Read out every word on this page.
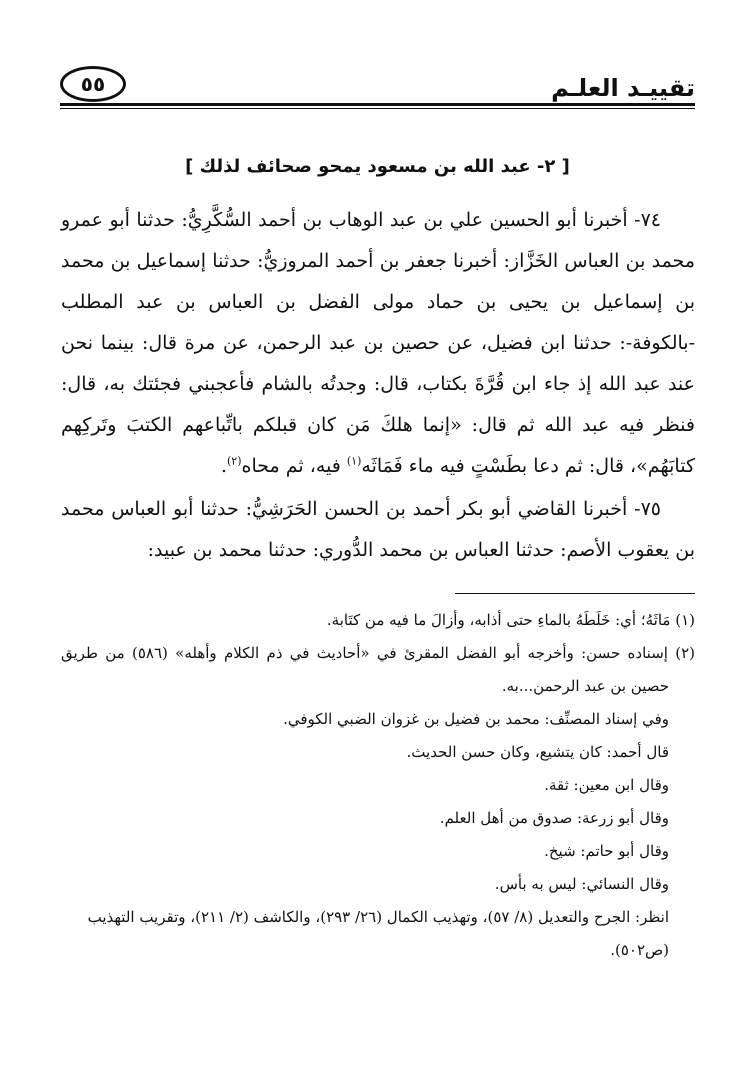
تقييـد العلـم
٥٥
[ ٢- عبد الله بن مسعود يمحو صحائف لذلك ]

٧٤- أخبرنا أبو الحسين علي بن عبد الوهاب بن أحمد السُّكَّرِيُّ: حدثنا أبو عمرو محمد بن العباس الخَزَّاز: أخبرنا جعفر بن أحمد المروزيُّ: حدثنا إسماعيل بن محمد بن إسماعيل بن يحيى بن حماد مولى الفضل بن العباس بن عبد المطلب -بالكوفة-: حدثنا ابن فضيل، عن حصين بن عبد الرحمن، عن مرة قال: بينما نحن عند عبد الله إذ جاء ابن قُرَّةَ بكتاب، قال: وجدتُه بالشام فأعجبني فجئتك به، قال: فنظر فيه عبد الله ثم قال: «إنما هلكَ مَن كان قبلكم باتِّباعهم الكتبَ وتَركِهم كتابَهُم»، قال: ثم دعا بطَسْتٍ فيه ماء فَمَاثَه$^{(١)}$ فيه، ثم محاه$^{(٢)}$.

٧٥- أخبرنا القاضي أبو بكر أحمد بن الحسن الحَرَشِيُّ: حدثنا أبو العباس محمد بن يعقوب الأصم: حدثنا العباس بن محمد الدُّوري: حدثنا محمد بن عبيد:

(١) مَاثَهُ؛ أي: خَلَطَهُ بالماءِ حتى أذابه، وأزالَ ما فيه من كتَابة.

(٢) إسناده حسن: وأخرجه أبو الفضل المقرئ في «أحاديث في ذم الكلام وأهله» (٥٨٦) من طريق حصين بن عبد الرحمن...به.

وفي إسناد المصنِّف: محمد بن فضيل بن غزوان الضبي الكوفي.

قال أحمد: كان يتشيع، وكان حسن الحديث.

وقال ابن معين: ثقة.

وقال أبو زرعة: صدوق من أهل العلم.

وقال أبو حاتم: شيخ.

وقال النسائي: ليس به بأس.

انظر: الجرح والتعديل (٨/ ٥٧)، وتهذيب الكمال (٢٦/ ٢٩٣)، والكاشف (٢/ ٢١١)، وتقريب التهذيب (ص٥٠٢).
